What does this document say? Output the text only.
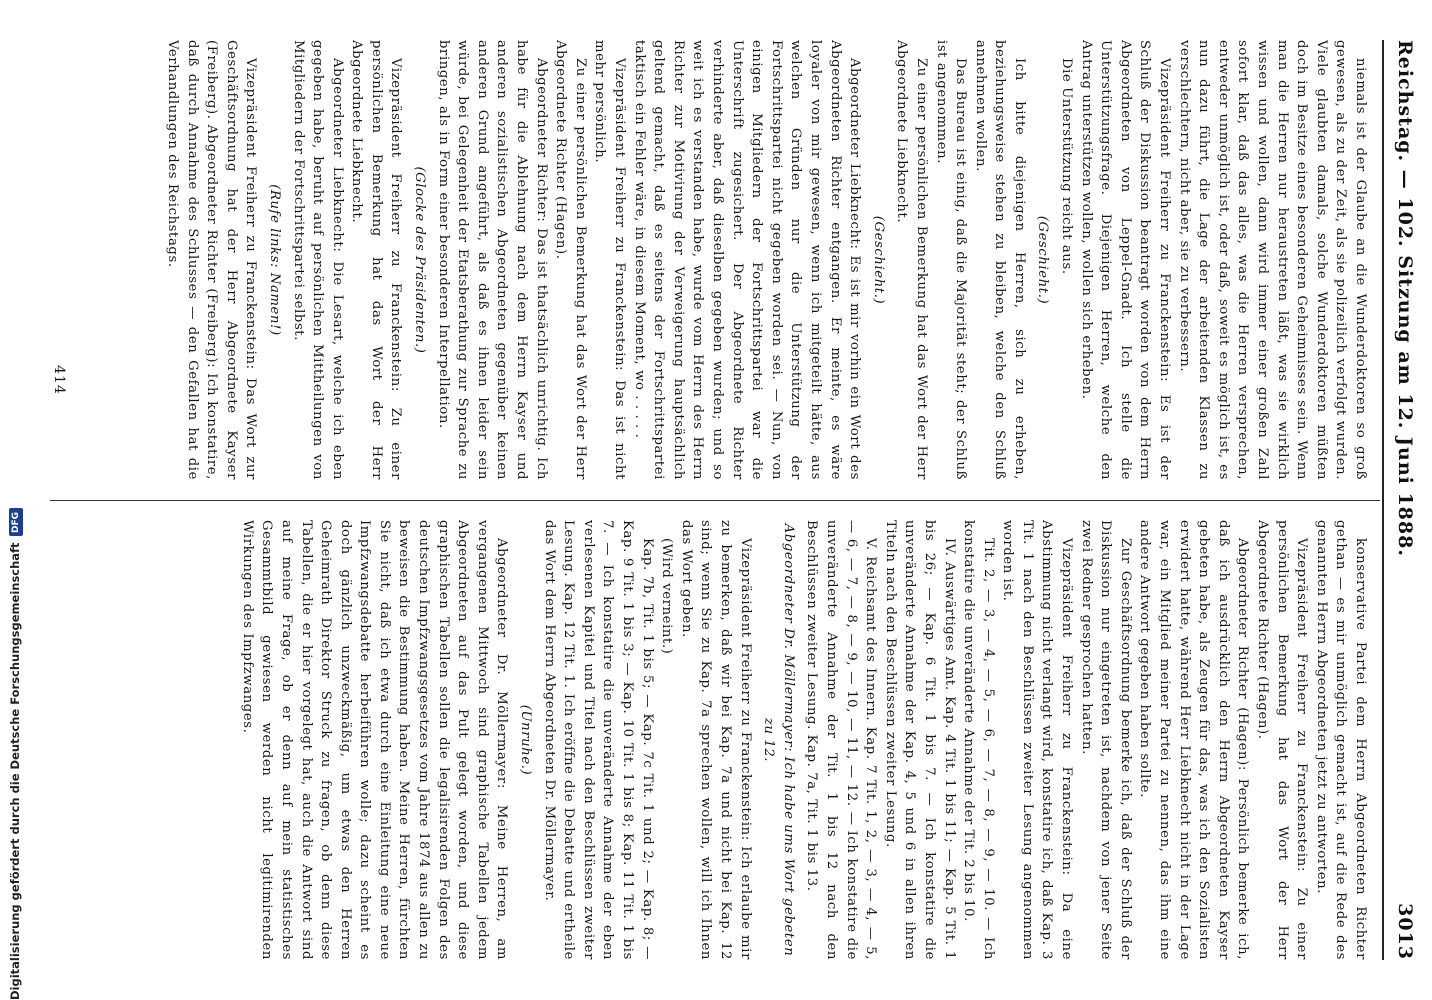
Reichstag. — 102. Sitzung am 12. Juni 1888.
3013

niemals ist der Glaube an die Wunderdoktoren so groß gewesen, als zu der Zeit, als sie polizeilich verfolgt wurden. Viele glaubten damals, solche Wunderdoktoren müßten doch im Besitze eines besonderen Geheimnisses sein. Wenn man die Herren nur heraustreten läßt, was sie wirklich wissen und wollen, dann wird immer einer großen Zahl sofort klar, daß das alles, was die Herren versprechen, entweder unmöglich ist, oder daß, soweit es möglich ist, es nun dazu führt, die Lage der arbeitenden Klassen zu verschlechtern, nicht aber, sie zu verbessern.

Vizepräsident Freiherr zu Franckenstein: Es ist der Schluß der Diskussion beantragt worden von dem Herrn Abgeordneten von Leppel-Gnadt. Ich stelle die Unterstützungsfrage. Diejenigen Herren, welche den Antrag unterstützen wollen, wollen sich erheben.

Die Unterstützung reicht aus.

(Geschieht.)

Ich bitte diejenigen Herren, sich zu erheben, beziehungsweise stehen zu bleiben, welche den Schluß annehmen wollen.

Das Bureau ist einig, daß die Majorität steht; der Schluß ist angenommen.

Zu einer persönlichen Bemerkung hat das Wort der Herr Abgeordnete Liebknecht.

(Geschieht.)

Abgeordneter Liebknecht: Es ist mir vorhin ein Wort des Abgeordneten Richter entgangen. Er meinte, es wäre loyaler von mir gewesen, wenn ich mitgeteilt hätte, aus welchen Gründen nur die Unterstützung der Fortschrittspartei nicht gegeben worden sei. — Nun, von einigen Mitgliedern der Fortschrittspartei war die Unterschrift zugesichert. Der Abgeordnete Richter verhinderte aber, daß dieselben gegeben wurden; und so weit ich es verstanden habe, wurde vom Herrn des Herrn Richter zur Motivirung der Verweigerung hauptsächlich geltend gemacht, daß es seitens der Fortschrittspartei taktisch ein Fehler wäre, in diesem Moment, wo . . . . .

Vizepräsident Freiherr zu Franckenstein: Das ist nicht mehr persönlich.

Zu einer persönlichen Bemerkung hat das Wort der Herr Abgeordnete Richter (Hagen).

Abgeordneter Richter: Das ist thatsächlich unrichtig. Ich habe für die Ablehnung nach dem Herrn Kayser und anderen sozialistischen Abgeordneten gegenüber keinen anderen Grund angeführt, als daß es ihnen leider sein würde, bei Gelegenheit der Etatsberathung zur Sprache zu bringen, als in Form einer besonderen Interpellation.

(Glocke des Präsidenten.)

Vizepräsident Freiherr zu Franckenstein: Zu einer persönlichen Bemerkung hat das Wort der Herr Abgeordnete Liebknecht.

Abgeordneter Liebknecht: Die Lesart, welche ich eben gegeben habe, beruht auf persönlichen Mittheilungen von Mitgliedern der Fortschrittspartei selbst.

(Rufe links: Namen!)

Vizepräsident Freiherr zu Franckenstein: Das Wort zur Geschäftsordnung hat der Herr Abgeordnete Kayser (Freiberg). Abgeordneter Richter (Freiberg): Ich konstatire, daß durch Annahme des Schlusses — den Gefallen hat die Verhandlungen des Reichstags.

konservative Partei dem Herrn Abgeordneten Richter gethan — es mir unmöglich gemacht ist, auf die Rede des genannten Herrn Abgeordneten jetzt zu antworten.

Vizepräsident Freiherr zu Franckenstein: Zu einer persönlichen Bemerkung hat das Wort der Herr Abgeordnete Richter (Hagen).

Abgeordneter Richter (Hagen): Persönlich bemerke ich, daß ich ausdrücklich den Herrn Abgeordneten Kayser gebeten habe, als Zeugen für das, was ich den Sozialisten erwidert hatte, während Herr Liebknecht nicht in der Lage war, ein Mitglied meiner Partei zu nennen, das ihm eine andere Antwort gegeben haben sollte.

Zur Geschäftsordnung bemerke ich, daß der Schluß der Diskussion nur eingetreten ist, nachdem von jener Seite zwei Redner gesprochen hatten.

Vizepräsident Freiherr zu Franckenstein: Da eine Abstimmung nicht verlangt wird, konstatire ich, daß Kap. 3 Tit. 1 nach den Beschlüssen zweiter Lesung angenommen worden ist.

Tit. 2, — 3, — 4, — 5, — 6, — 7, — 8, — 9, — 10. — Ich konstatire die unveränderte Annahme der Tit. 2 bis 10.

IV. Auswärtiges Amt. Kap. 4 Tit. 1 bis 11; — Kap. 5 Tit. 1 bis 26; — Kap. 6 Tit. 1 bis 7. — Ich konstatire die unveränderte Annahme der Kap. 4, 5 und 6 in allen ihren Titeln nach den Beschlüssen zweiter Lesung.

V. Reichsamt des Innern. Kap. 7 Tit. 1, 2, — 3, — 4, — 5, — 6, — 7, — 8, — 9, — 10, — 11, — 12. — Ich konstatire die unveränderte Annahme der Tit. 1 bis 12 nach den Beschlüssen zweiter Lesung. Kap. 7a, Tit. 1 bis 13.

Abgeordneter Dr. Möllermayer: Ich habe ums Wort gebeten zu 12.

Vizepräsident Freiherr zu Franckenstein: Ich erlaube mir zu bemerken, daß wir bei Kap. 7a und nicht bei Kap. 12 sind; wenn Sie zu Kap. 7a sprechen wollen, will ich Ihnen das Wort geben.

(Wird verneint.)

Kap. 7b, Tit. 1 bis 5; — Kap. 7c Tit. 1 und 2; — Kap. 8; — Kap. 9 Tit. 1 bis 3; — Kap. 10 Tit. 1 bis 8; Kap. 11 Tit. 1 bis 7. — Ich konstatire die unveränderte Annahme der eben verlesenen Kapitel und Titel nach den Beschlüssen zweiter Lesung. Kap. 12 Tit. 1. Ich eröffne die Debatte und ertheile das Wort dem Herrn Abgeordneten Dr. Möllermayer.

(Unruhe.)

Abgeordneter Dr. Möllermayer: Meine Herren, am vergangenen Mittwoch sind graphische Tabellen jedem Abgeordneten auf das Pult gelegt worden, und diese graphischen Tabellen sollen die legalisirenden Folgen des deutschen Impfzwangsgesetzes vom Jahre 1874 aus allen zu beweisen die Bestimmung haben. Meine Herren, fürchten Sie nicht, daß ich etwa durch eine Einleitung eine neue Impfzwangsdebatte herbeiführen wolle; dazu scheint es doch gänzlich unzweckmäßig, um etwas den Herren Geheimrath Direktor Struck zu fragen, ob denn diese Tabellen, die er hier vorgelegt hat, auch die Antwort sind auf meine Frage, ob er denn auf mein statistisches Gesammtbild gewiesen werden nicht legitimirenden Wirkungen des Impfzwanges.

414
Digitalisierung gefördert durch die Deutsche ForschungsgemeinschaftDFG
